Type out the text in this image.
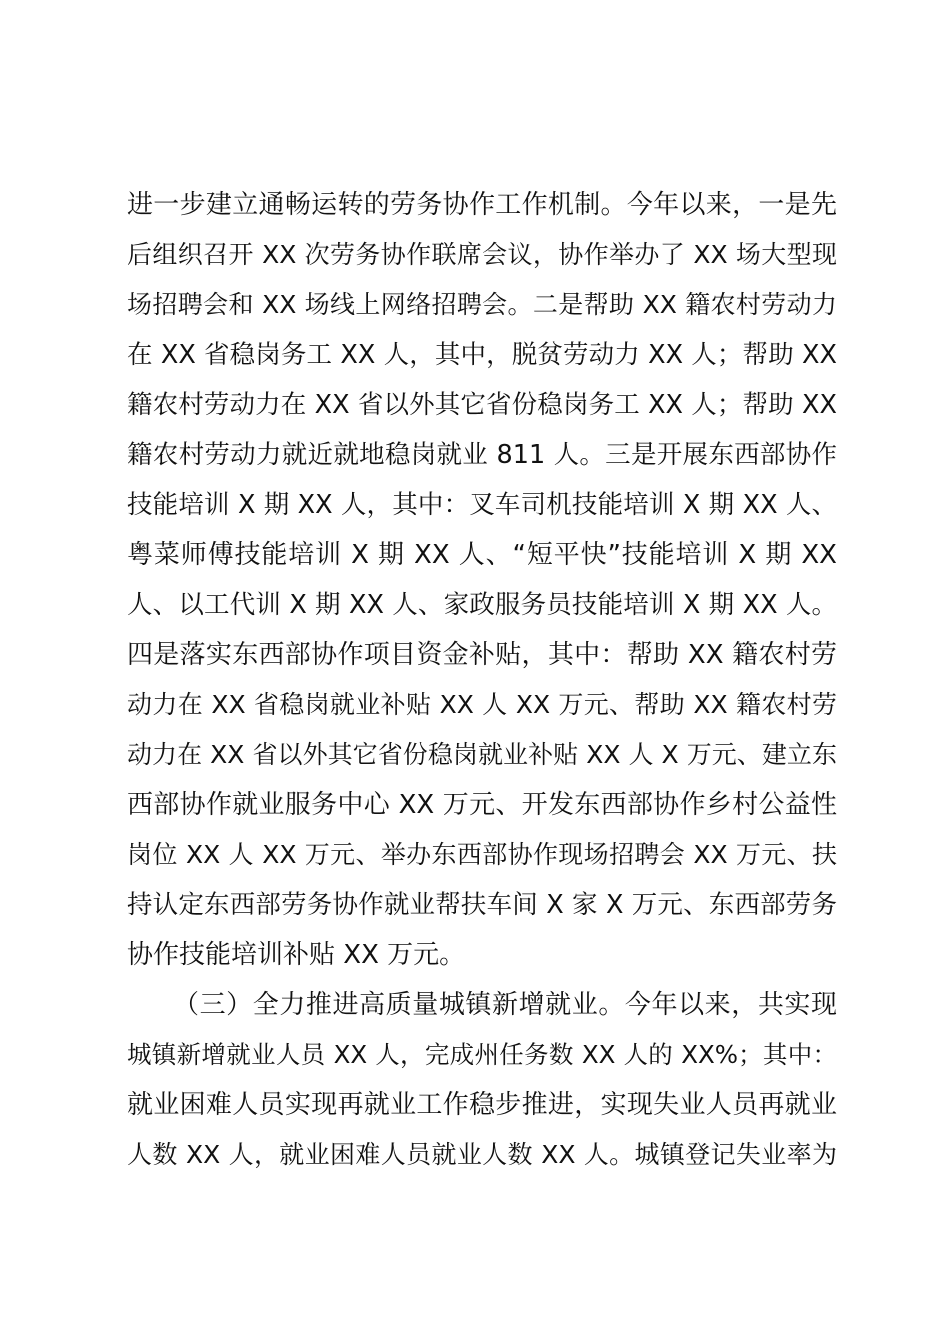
进一步建立通畅运转的劳务协作工作机制。今年以来，一是先
后组织召开 XX 次劳务协作联席会议，协作举办了 XX 场大型现
场招聘会和 XX 场线上网络招聘会。二是帮助 XX 籍农村劳动力
在 XX 省稳岗务工 XX 人，其中，脱贫劳动力 XX 人；帮助 XX
籍农村劳动力在 XX 省以外其它省份稳岗务工 XX 人；帮助 XX
籍农村劳动力就近就地稳岗就业 811 人。三是开展东西部协作
技能培训 X 期 XX 人，其中：叉车司机技能培训 X 期 XX 人、
粤菜师傅技能培训 X 期 XX 人、“短平快”技能培训 X 期 XX
人、以工代训 X 期 XX 人、家政服务员技能培训 X 期 XX 人。
四是落实东西部协作项目资金补贴，其中：帮助 XX 籍农村劳
动力在 XX 省稳岗就业补贴 XX 人 XX 万元、帮助 XX 籍农村劳
动力在 XX 省以外其它省份稳岗就业补贴 XX 人 X 万元、建立东
西部协作就业服务中心 XX 万元、开发东西部协作乡村公益性
岗位 XX 人 XX 万元、举办东西部协作现场招聘会 XX 万元、扶
持认定东西部劳务协作就业帮扶车间 X 家 X 万元、东西部劳务
协作技能培训补贴 XX 万元。
（三）全力推进高质量城镇新增就业。今年以来，共实现
城镇新增就业人员 XX 人，完成州任务数 XX 人的 XX%；其中：
就业困难人员实现再就业工作稳步推进，实现失业人员再就业
人数 XX 人，就业困难人员就业人数 XX 人。城镇登记失业率为
